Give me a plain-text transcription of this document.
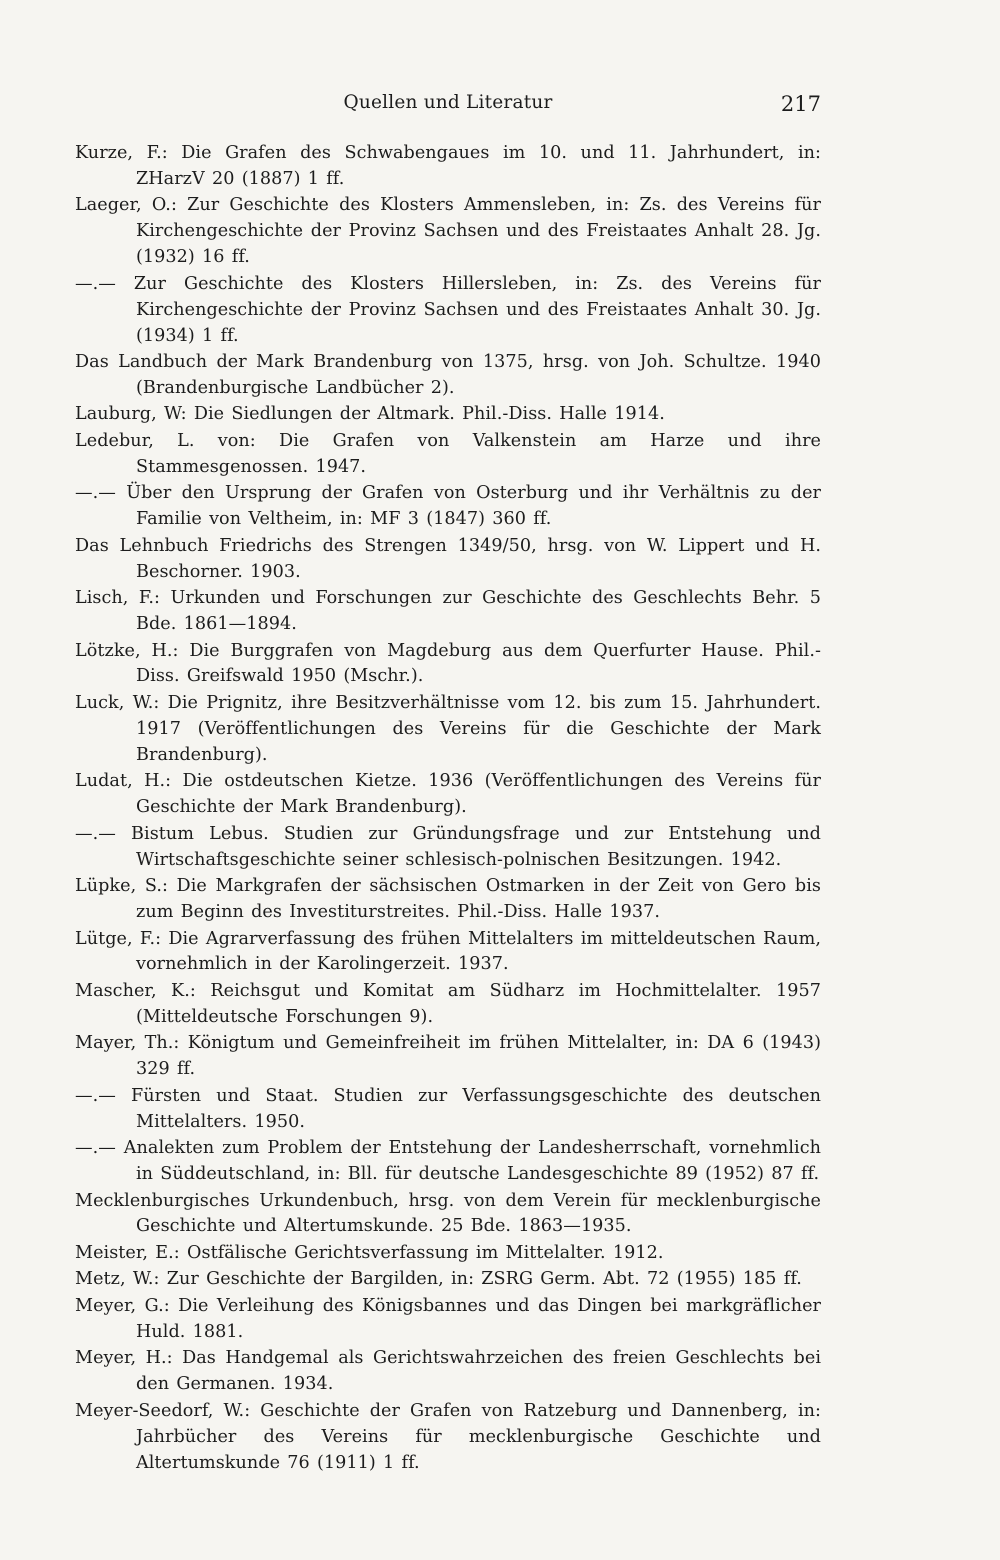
Quellen und Literatur	217

Kurze, F.: Die Grafen des Schwabengaues im 10. und 11. Jahrhundert, in: ZHarzV 20 (1887) 1 ff.

Laeger, O.: Zur Geschichte des Klosters Ammensleben, in: Zs. des Vereins für Kirchengeschichte der Provinz Sachsen und des Freistaates Anhalt 28. Jg. (1932) 16 ff.

—.— Zur Geschichte des Klosters Hillersleben, in: Zs. des Vereins für Kirchengeschichte der Provinz Sachsen und des Freistaates Anhalt 30. Jg. (1934) 1 ff.

Das Landbuch der Mark Brandenburg von 1375, hrsg. von Joh. Schultze. 1940 (Brandenburgische Landbücher 2).

Lauburg, W: Die Siedlungen der Altmark. Phil.-Diss. Halle 1914.

Ledebur, L. von: Die Grafen von Valkenstein am Harze und ihre Stammesgenossen. 1947.

—.— Über den Ursprung der Grafen von Osterburg und ihr Verhältnis zu der Familie von Veltheim, in: MF 3 (1847) 360 ff.

Das Lehnbuch Friedrichs des Strengen 1349/50, hrsg. von W. Lippert und H. Beschorner. 1903.

Lisch, F.: Urkunden und Forschungen zur Geschichte des Geschlechts Behr. 5 Bde. 1861—1894.

Lötzke, H.: Die Burggrafen von Magdeburg aus dem Querfurter Hause. Phil.-Diss. Greifswald 1950 (Mschr.).

Luck, W.: Die Prignitz, ihre Besitzverhältnisse vom 12. bis zum 15. Jahrhundert. 1917 (Veröffentlichungen des Vereins für die Geschichte der Mark Brandenburg).

Ludat, H.: Die ostdeutschen Kietze. 1936 (Veröffentlichungen des Vereins für Geschichte der Mark Brandenburg).

—.— Bistum Lebus. Studien zur Gründungsfrage und zur Entstehung und Wirtschaftsgeschichte seiner schlesisch-polnischen Besitzungen. 1942.

Lüpke, S.: Die Markgrafen der sächsischen Ostmarken in der Zeit von Gero bis zum Beginn des Investiturstreites. Phil.-Diss. Halle 1937.

Lütge, F.: Die Agrarverfassung des frühen Mittelalters im mitteldeutschen Raum, vornehmlich in der Karolingerzeit. 1937.

Mascher, K.: Reichsgut und Komitat am Südharz im Hochmittelalter. 1957 (Mitteldeutsche Forschungen 9).

Mayer, Th.: Königtum und Gemeinfreiheit im frühen Mittelalter, in: DA 6 (1943) 329 ff.

—.— Fürsten und Staat. Studien zur Verfassungsgeschichte des deutschen Mittelalters. 1950.

—.— Analekten zum Problem der Entstehung der Landesherrschaft, vornehmlich in Süddeutschland, in: Bll. für deutsche Landesgeschichte 89 (1952) 87 ff.

Mecklenburgisches Urkundenbuch, hrsg. von dem Verein für mecklenburgische Geschichte und Altertumskunde. 25 Bde. 1863—1935.

Meister, E.: Ostfälische Gerichtsverfassung im Mittelalter. 1912.

Metz, W.: Zur Geschichte der Bargilden, in: ZSRG Germ. Abt. 72 (1955) 185 ff.

Meyer, G.: Die Verleihung des Königsbannes und das Dingen bei markgräflicher Huld. 1881.

Meyer, H.: Das Handgemal als Gerichtswahrzeichen des freien Geschlechts bei den Germanen. 1934.

Meyer-Seedorf, W.: Geschichte der Grafen von Ratzeburg und Dannenberg, in: Jahrbücher des Vereins für mecklenburgische Geschichte und Altertumskunde 76 (1911) 1 ff.
